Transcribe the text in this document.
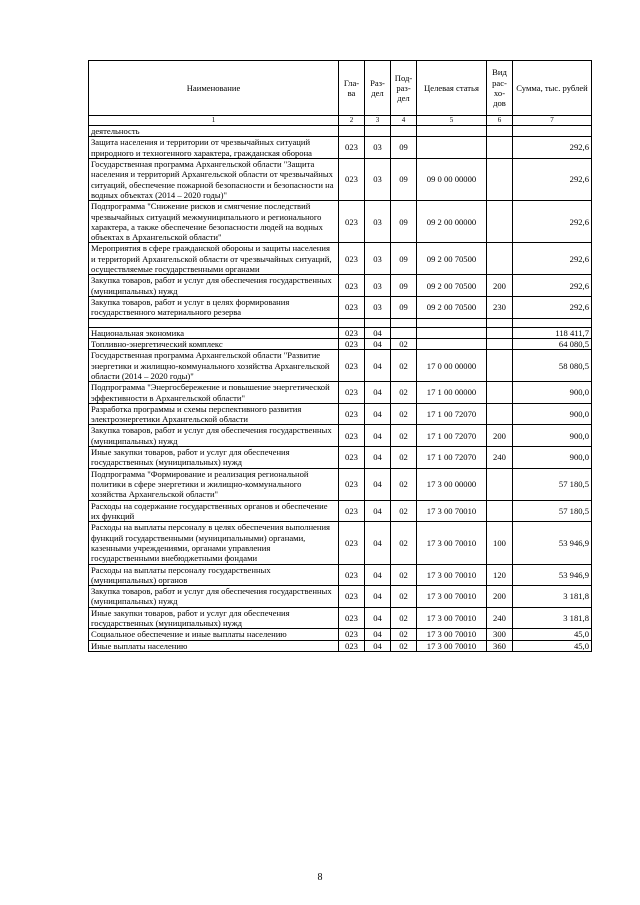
Наименование	Гла-ва	Раз-дел	Под-раз-дел	Целевая статья	Вид рас-хо-дов	Сумма, тыс. рублей
1	2	3	4	5	6	7
деятельность						
Защита населения и территории от чрезвычайных ситуаций природного и техногенного характера, гражданская оборона	023	03	09			292,6
Государственная программа Архангельской области "Защита населения и территорий Архангельской области от чрезвычайных ситуаций, обеспечение пожарной безопасности и безопасности на водных объектах (2014 – 2020 годы)"	023	03	09	09 0 00 00000		292,6
Подпрограмма "Снижение рисков и смягчение последствий чрезвычайных ситуаций межмуниципального и регионального характера, а также обеспечение безопасности людей на водных объектах в Архангельской области"	023	03	09	09 2 00 00000		292,6
Мероприятия в сфере гражданской обороны и защиты населения и территорий Архангельской области от чрезвычайных ситуаций, осуществляемые государственными органами	023	03	09	09 2 00 70500		292,6
Закупка товаров, работ и услуг для обеспечения государственных (муниципальных) нужд	023	03	09	09 2 00 70500	200	292,6
Закупка товаров, работ и услуг в целях формирования государственного материального резерва	023	03	09	09 2 00 70500	230	292,6

Национальная экономика	023	04				118 411,7
Топливно-энергетический комплекс	023	04	02			64 080,5
Государственная программа Архангельской области "Развитие энергетики и жилищно-коммунального хозяйства Архангельской области (2014 – 2020 годы)"	023	04	02	17 0 00 00000		58 080,5
Подпрограмма "Энергосбережение и повышение энергетической эффективности в Архангельской области"	023	04	02	17 1 00 00000		900,0
Разработка программы и схемы перспективного развития электроэнергетики Архангельской области	023	04	02	17 1 00 72070		900,0
Закупка товаров, работ и услуг для обеспечения государственных (муниципальных) нужд	023	04	02	17 1 00 72070	200	900,0
Иные закупки товаров, работ и услуг для обеспечения государственных (муниципальных) нужд	023	04	02	17 1 00 72070	240	900,0
Подпрограмма "Формирование и реализация региональной политики в сфере энергетики и жилищно-коммунального хозяйства Архангельской области"	023	04	02	17 3 00 00000		57 180,5
Расходы на содержание государственных органов и обеспечение их функций	023	04	02	17 3 00 70010		57 180,5
Расходы на выплаты персоналу в целях обеспечения выполнения функций государственными (муниципальными) органами, казенными учреждениями, органами управления государственными внебюджетными фондами	023	04	02	17 3 00 70010	100	53 946,9
Расходы на выплаты персоналу государственных (муниципальных) органов	023	04	02	17 3 00 70010	120	53 946,9
Закупка товаров, работ и услуг для обеспечения государственных (муниципальных) нужд	023	04	02	17 3 00 70010	200	3 181,8
Иные закупки товаров, работ и услуг для обеспечения государственных (муниципальных) нужд	023	04	02	17 3 00 70010	240	3 181,8
Социальное обеспечение и иные выплаты населению	023	04	02	17 3 00 70010	300	45,0
Иные выплаты населению	023	04	02	17 3 00 70010	360	45,0
8
